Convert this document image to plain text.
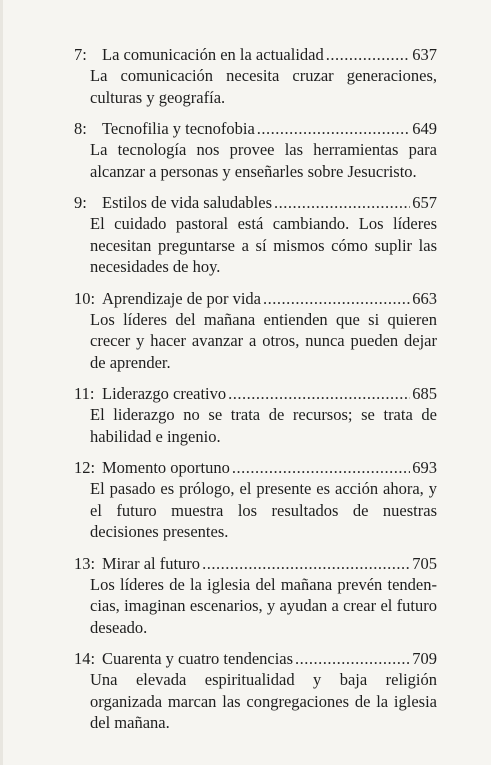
7: La comunicación en la actualidad .....	637

La comunicación necesita cruzar generaciones, culturas y geografía.

8: Tecnofilia y tecnofobia .....	649

La tecnología nos provee las herramientas para alcanzar a personas y enseñarles sobre Jesucristo.

9: Estilos de vida saludables .....	657

El cuidado pastoral está cambiando. Los líderes necesitan preguntarse a sí mismos cómo suplir las necesidades de hoy.

10: Aprendizaje de por vida .....	663

Los líderes del mañana entienden que si quieren crecer y hacer avanzar a otros, nunca pueden dejar de aprender.

11: Liderazgo creativo .....	685

El liderazgo no se trata de recursos; se trata de habilidad e ingenio.

12: Momento oportuno .....	693

El pasado es prólogo, el presente es acción ahora, y el futuro muestra los resultados de nuestras decisiones presentes.

13: Mirar al futuro .....	705

Los líderes de la iglesia del mañana prevén tendencias, imaginan escenarios, y ayudan a crear el futuro deseado.

14: Cuarenta y cuatro tendencias .....	709

Una elevada espiritualidad y baja religión organizada marcan las congregaciones de la iglesia del mañana.
